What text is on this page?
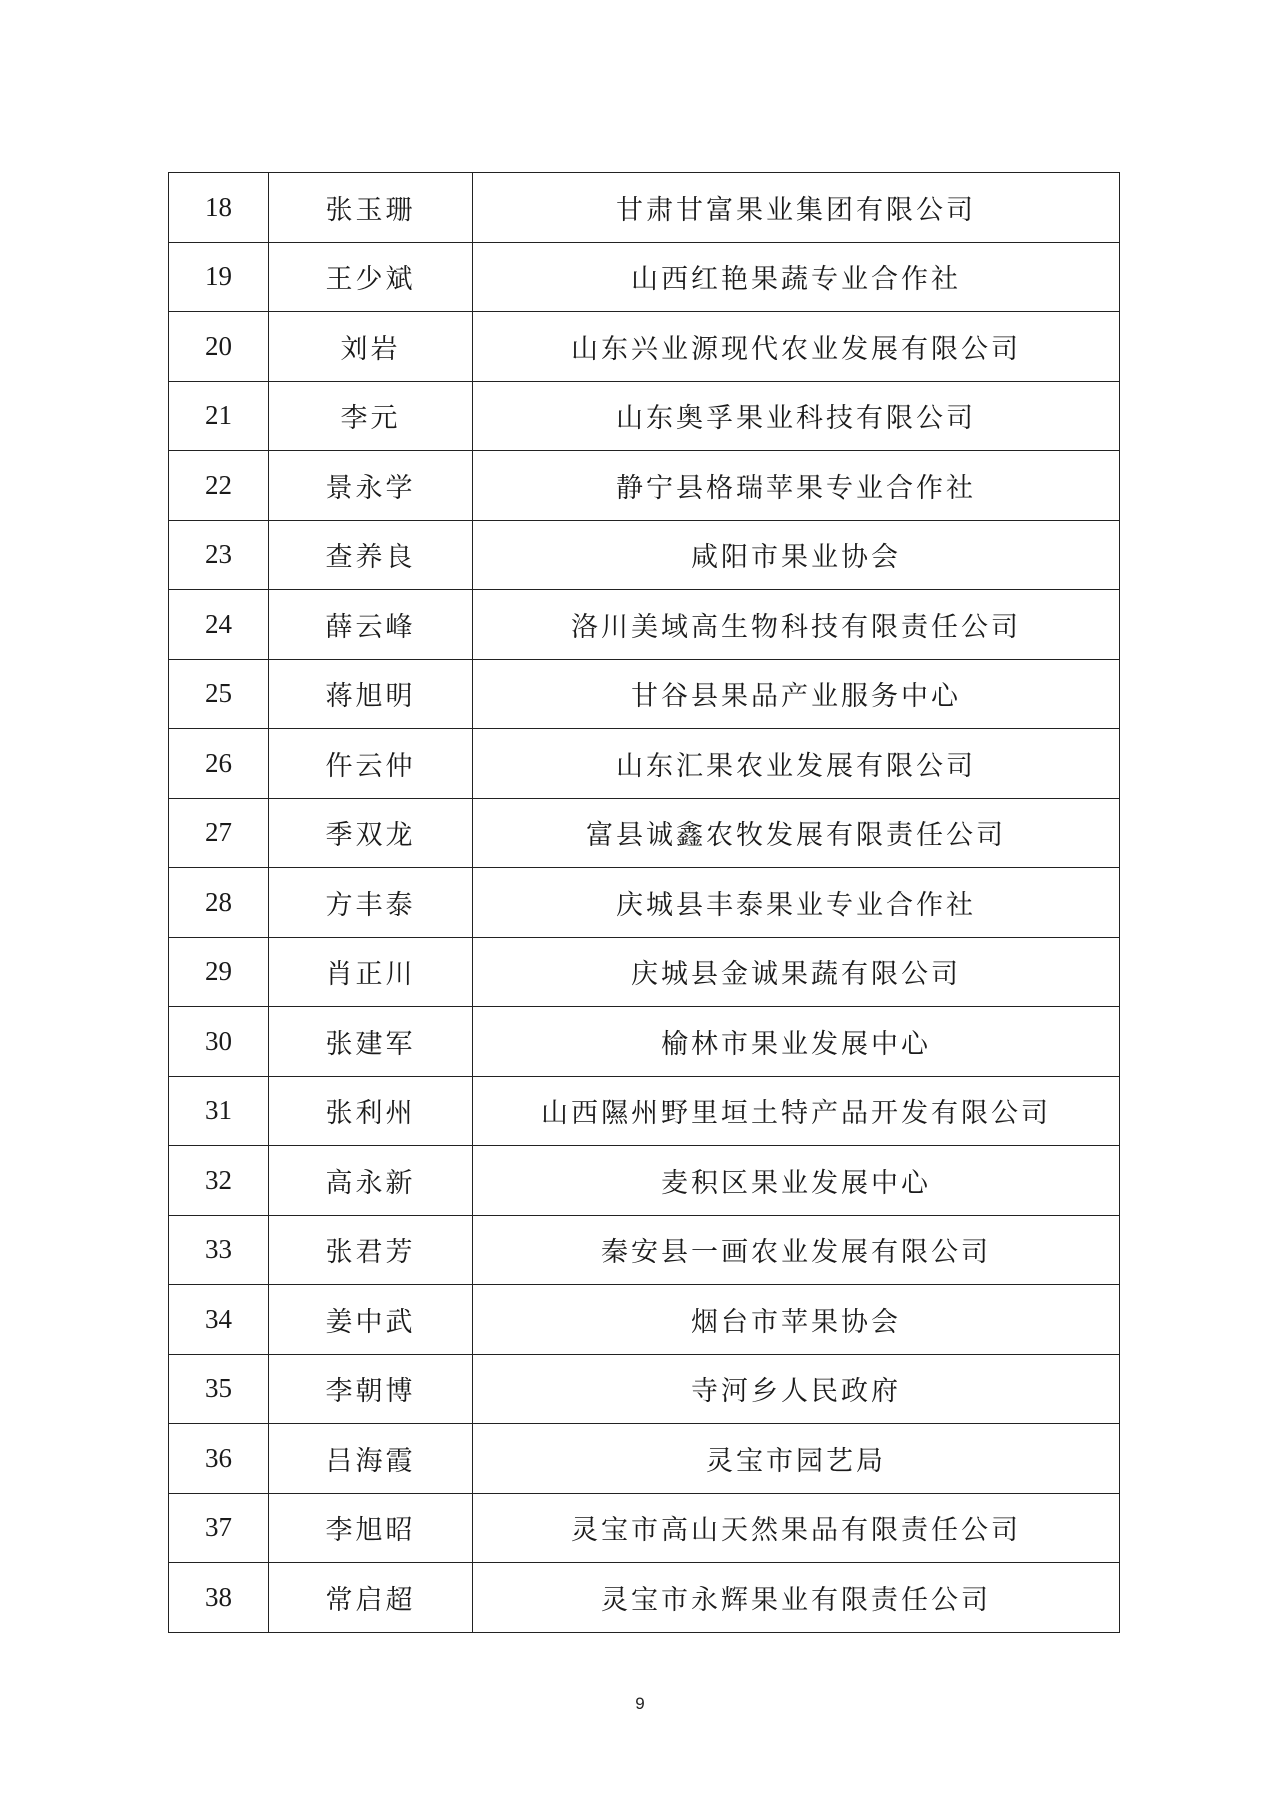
18	张玉珊	甘肃甘富果业集团有限公司
19	王少斌	山西红艳果蔬专业合作社
20	刘岩	山东兴业源现代农业发展有限公司
21	李元	山东奥孚果业科技有限公司
22	景永学	静宁县格瑞苹果专业合作社
23	查养良	咸阳市果业协会
24	薛云峰	洛川美域高生物科技有限责任公司
25	蒋旭明	甘谷县果品产业服务中心
26	仵云仲	山东汇果农业发展有限公司
27	季双龙	富县诚鑫农牧发展有限责任公司
28	方丰泰	庆城县丰泰果业专业合作社
29	肖正川	庆城县金诚果蔬有限公司
30	张建军	榆林市果业发展中心
31	张利州	山西隰州野里垣土特产品开发有限公司
32	高永新	麦积区果业发展中心
33	张君芳	秦安县一画农业发展有限公司
34	姜中武	烟台市苹果协会
35	李朝博	寺河乡人民政府
36	吕海霞	灵宝市园艺局
37	李旭昭	灵宝市高山天然果品有限责任公司
38	常启超	灵宝市永辉果业有限责任公司
9
